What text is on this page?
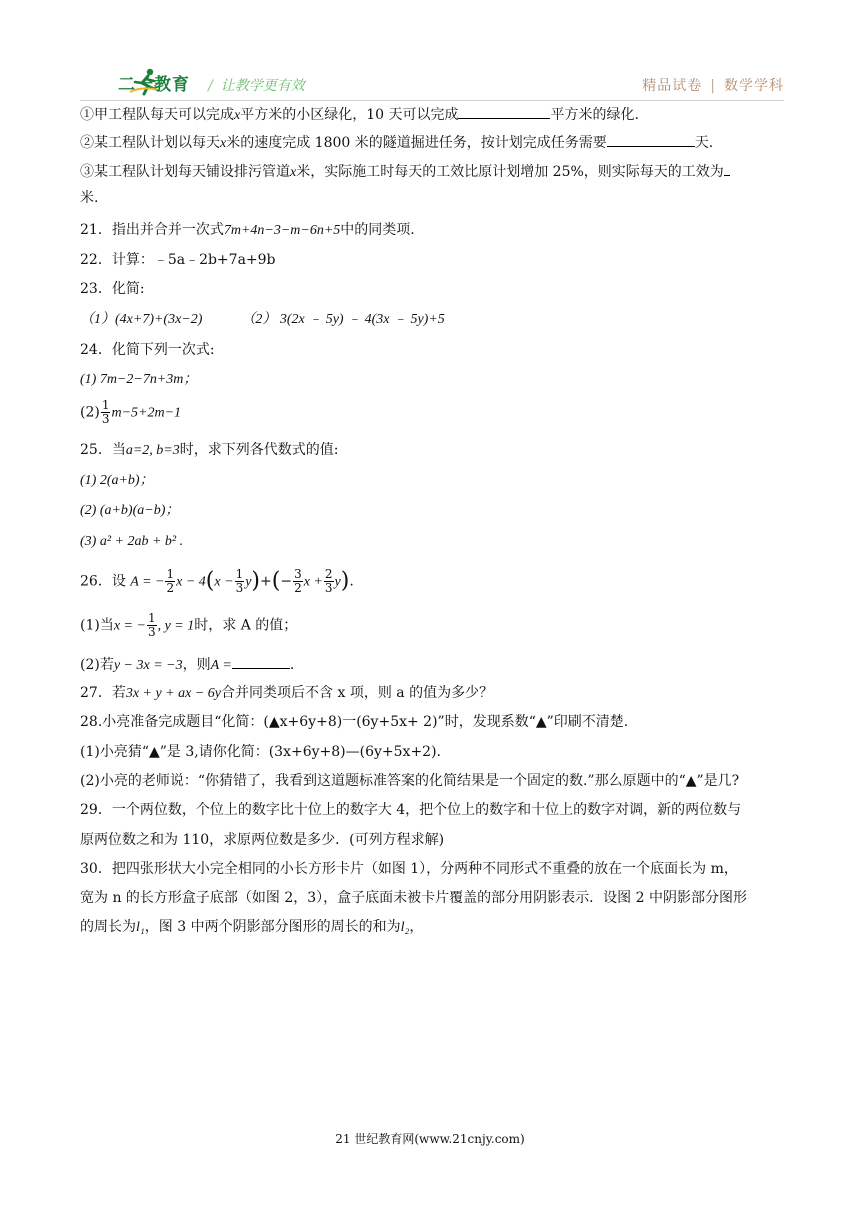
二一教育 / 让教学更有效	精品试卷 | 数学学科
①甲工程队每天可以完成x平方米的小区绿化，10 天可以完成	平方米的绿化.
②某工程队计划以每天x米的速度完成 1800 米的隧道掘进任务，按计划完成任务需要	天.
③某工程队计划每天铺设排污管道x米，实际施工时每天的工效比原计划增加 25%，则实际每天的工效为
米.
21．指出并合并一次式7m+4n−3−m−6n+5中的同类项.
22．计算：﹣5a﹣2b+7a+9b
23．化简:
（1）(4x+7)+(3x−2)	（2） 3(2x ﹣ 5y) ﹣ 4(3x ﹣ 5y)+5
24．化简下列一次式:
(1) 7m−2−7n+3m；
$(2) \frac{1}{3} m-5+2m-1$
25．当a=2, b=3时，求下列各代数式的值:
(1) 2(a+b)；
(2) (a+b)(a−b)；
(3) a² + 2ab + b² .
26．设 A = − $\frac{1}{2}$ $x - 4(x - \frac{1}{3} y)+(- \frac{3}{2}$ $x + \frac{2}{3} y$).
(1)当x = − $\frac{1}{3}$ , y = 1时，求 A 的值；
(2)若y − 3x = −3，则A =	.
27．若3x + y + ax − 6y合并同类项后不含 x 项，则 a 的值为多少？
28.小亮准备完成题目“化简：(▲x+6y+8)一(6y+5x+ 2)”时，发现系数“▲”印刷不清楚.
(1)小亮猜“▲”是 3,请你化简：(3x+6y+8)—(6y+5x+2).
(2)小亮的老师说：“你猜错了，我看到这道题标准答案的化简结果是一个固定的数.”那么原题中的“▲”是几?
29．一个两位数，个位上的数字比十位上的数字大 4，把个位上的数字和十位上的数字对调，新的两位数与
原两位数之和为 110，求原两位数是多少．(可列方程求解)
30．把四张形状大小完全相同的小长方形卡片（如图 1），分两种不同形式不重叠的放在一个底面长为 m，
宽为 n 的长方形盒子底部（如图 2，3），盒子底面未被卡片覆盖的部分用阴影表示．设图 2 中阴影部分图形
的周长为l₁，图 3 中两个阴影部分图形的周长的和为l₂，
21 世纪教育网(www.21cnjy.com)
